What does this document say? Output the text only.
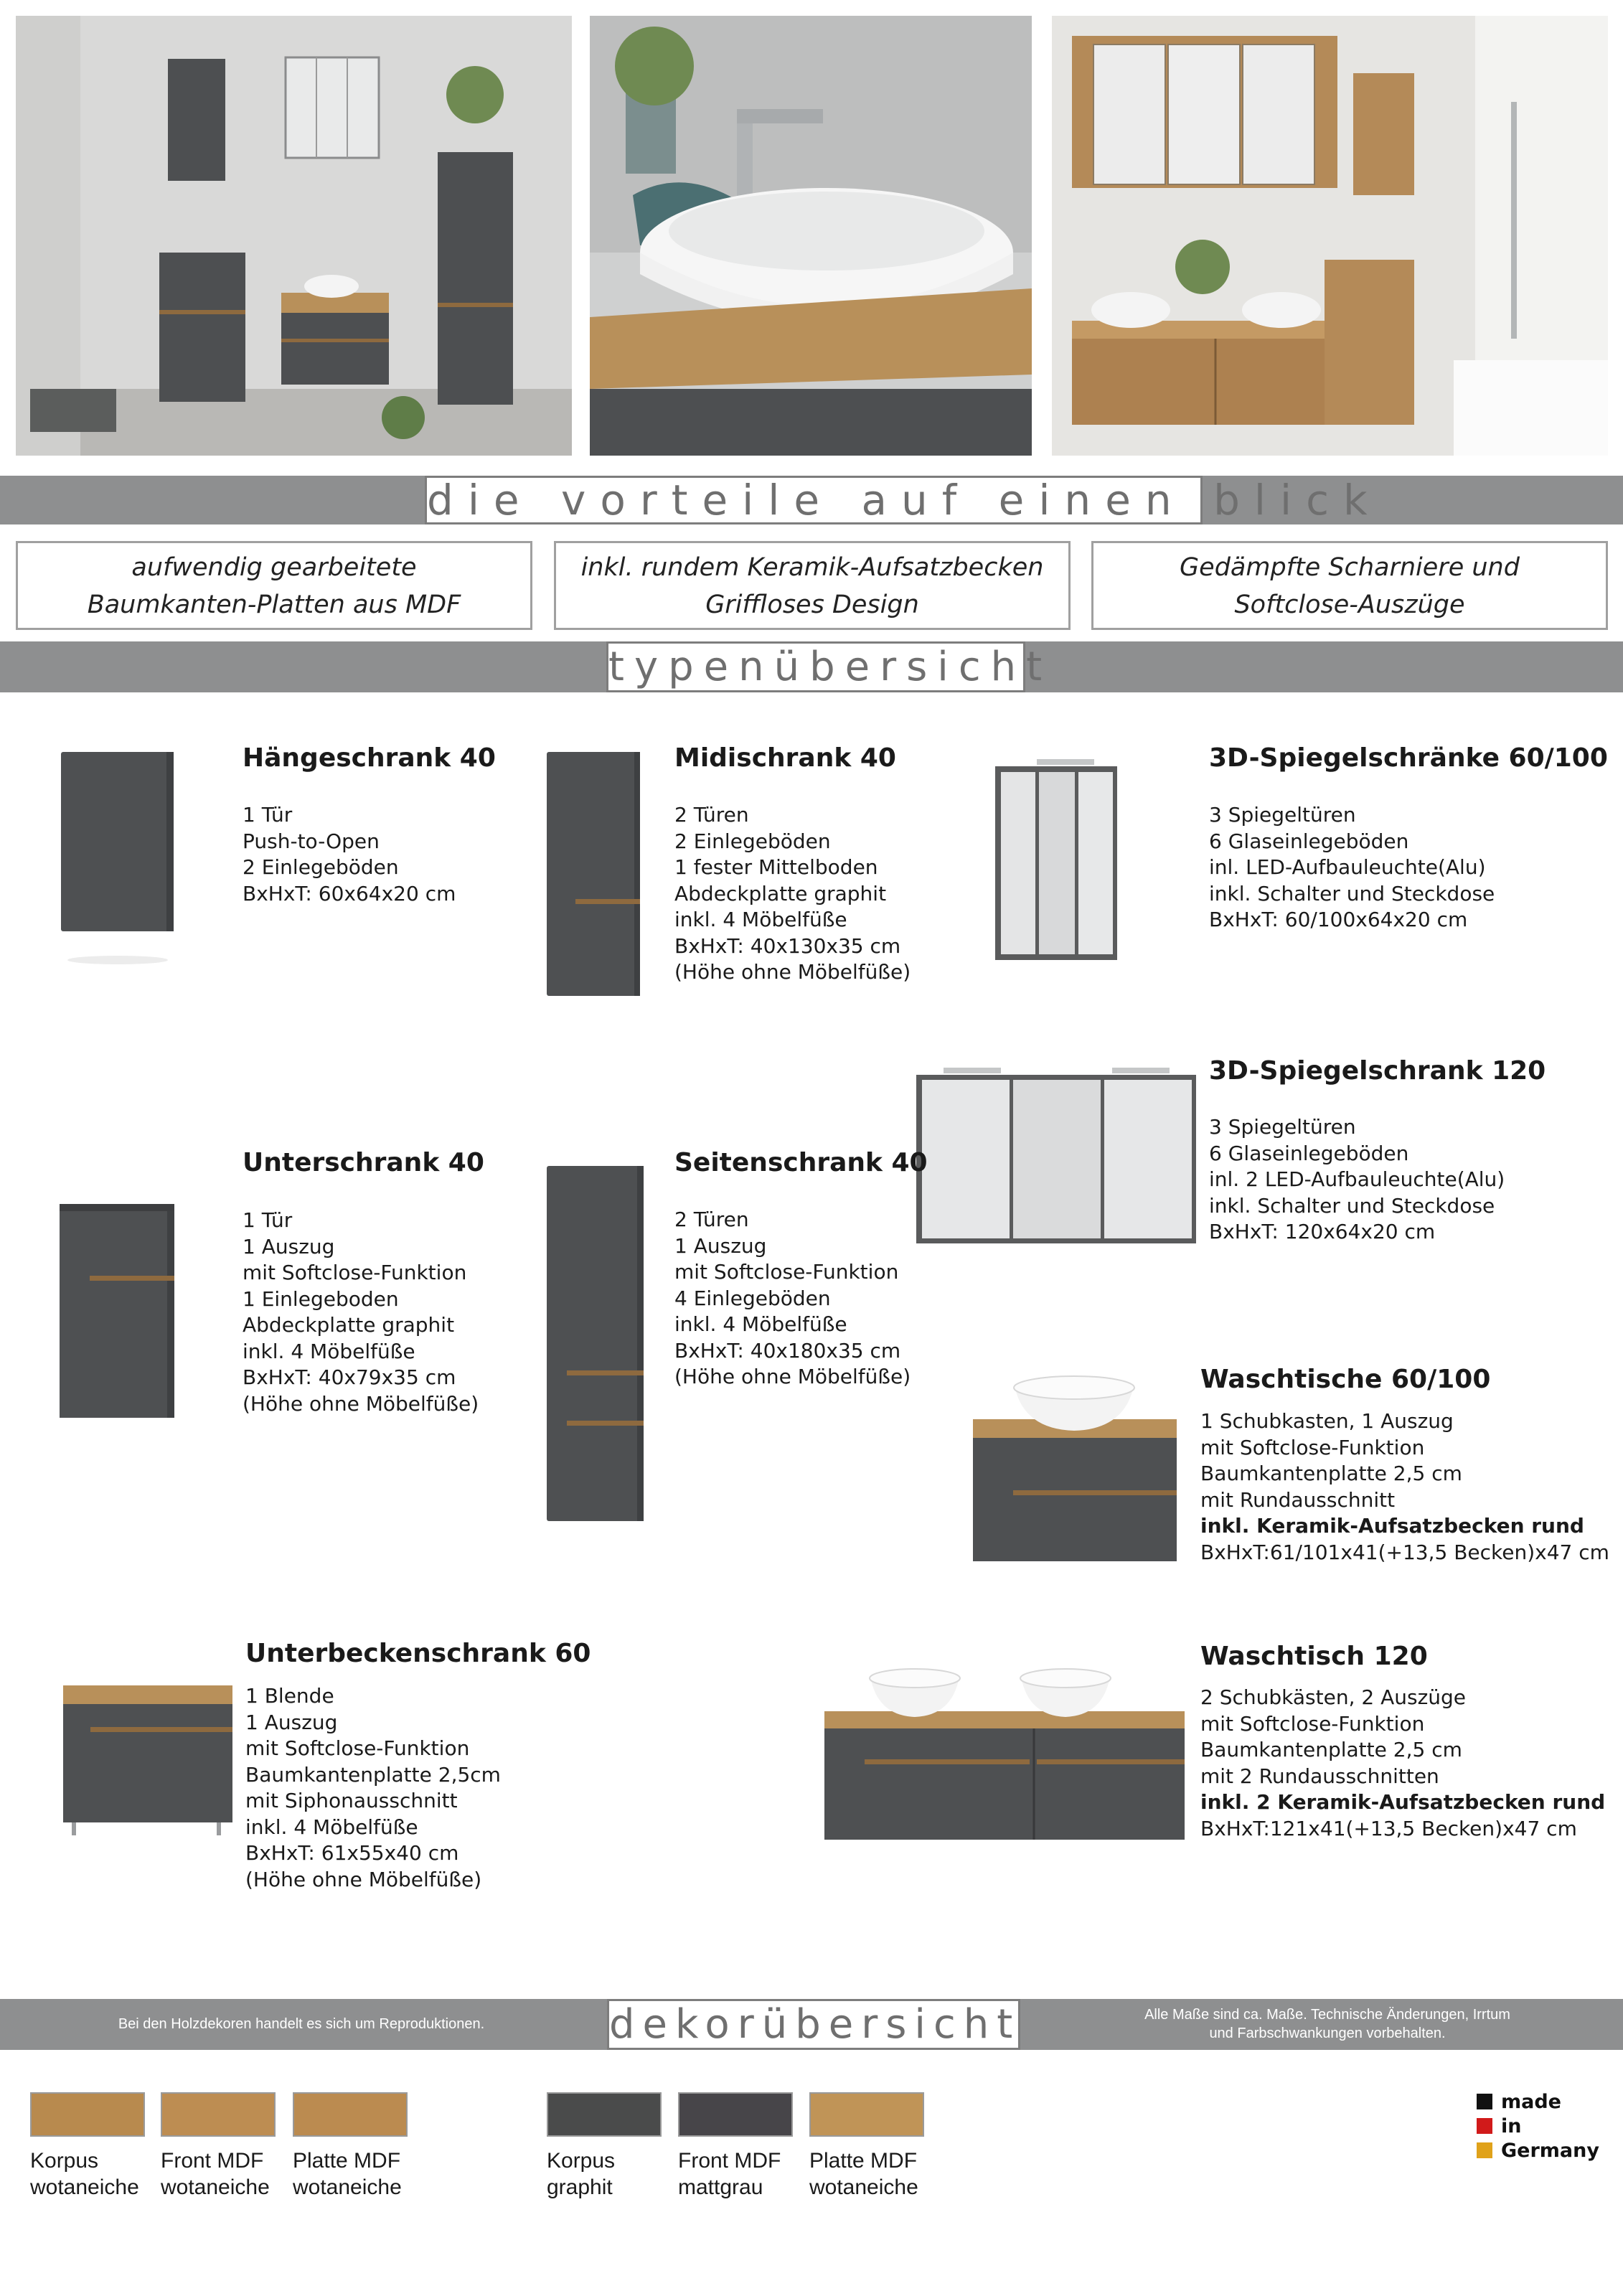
die vorteile auf einen blick
aufwendig gearbeitete
Baumkanten-Platten aus MDF
inkl. rundem Keramik-Aufsatzbecken
Griffloses Design
Gedämpfte Scharniere und
Softclose-Auszüge
typenübersicht
Hängeschrank 40
1 Tür
Push-to-Open
2 Einlegeböden
BxHxT: 60x64x20 cm
Midischrank 40
2 Türen
2 Einlegeböden
1 fester Mittelboden
Abdeckplatte graphit
inkl. 4 Möbelfüße
BxHxT: 40x130x35 cm
(Höhe ohne Möbelfüße)
3D-Spiegelschränke 60/100
3 Spiegeltüren
6 Glaseinlegeböden
inl. LED-Aufbauleuchte(Alu)
inkl. Schalter und Steckdose
BxHxT: 60/100x64x20 cm
3D-Spiegelschrank 120
3 Spiegeltüren
6 Glaseinlegeböden
inl. 2 LED-Aufbauleuchte(Alu)
inkl. Schalter und Steckdose
BxHxT: 120x64x20 cm
Unterschrank 40
1 Tür
1 Auszug
mit Softclose-Funktion
1 Einlegeboden
Abdeckplatte graphit
inkl. 4 Möbelfüße
BxHxT: 40x79x35 cm
(Höhe ohne Möbelfüße)
Seitenschrank 40
2 Türen
1 Auszug
mit Softclose-Funktion
4 Einlegeböden
inkl. 4 Möbelfüße
BxHxT: 40x180x35 cm
(Höhe ohne Möbelfüße)	Waschtische 60/100
1 Schubkasten, 1 Auszug
mit Softclose-Funktion
Baumkantenplatte 2,5 cm
mit Rundausschnitt
inkl. Keramik-Aufsatzbecken rund
BxHxT:61/101x41(+13,5 Becken)x47 cm
Unterbeckenschrank 60
1 Blende
1 Auszug
mit Softclose-Funktion
Baumkantenplatte 2,5cm
mit Siphonausschnitt
inkl. 4 Möbelfüße
BxHxT: 61x55x40 cm
(Höhe ohne Möbelfüße)
Waschtisch 120
2 Schubkästen, 2 Auszüge
mit Softclose-Funktion
Baumkantenplatte 2,5 cm
mit 2 Rundausschnitten
inkl. 2 Keramik-Aufsatzbecken rund
BxHxT:121x41(+13,5 Becken)x47 cm
Bei den Holzdekoren handelt es sich um Reproduktionen.
Alle Maße sind ca. Maße. Technische Änderungen, Irrtum
und Farbschwankungen vorbehalten.
dekorübersicht
Korpus
wotaneiche
Front MDF
wotaneiche
Platte MDF
wotaneiche
Korpus
graphit
Front MDF
mattgrau
Platte MDF
wotaneiche
made
in
Germany
